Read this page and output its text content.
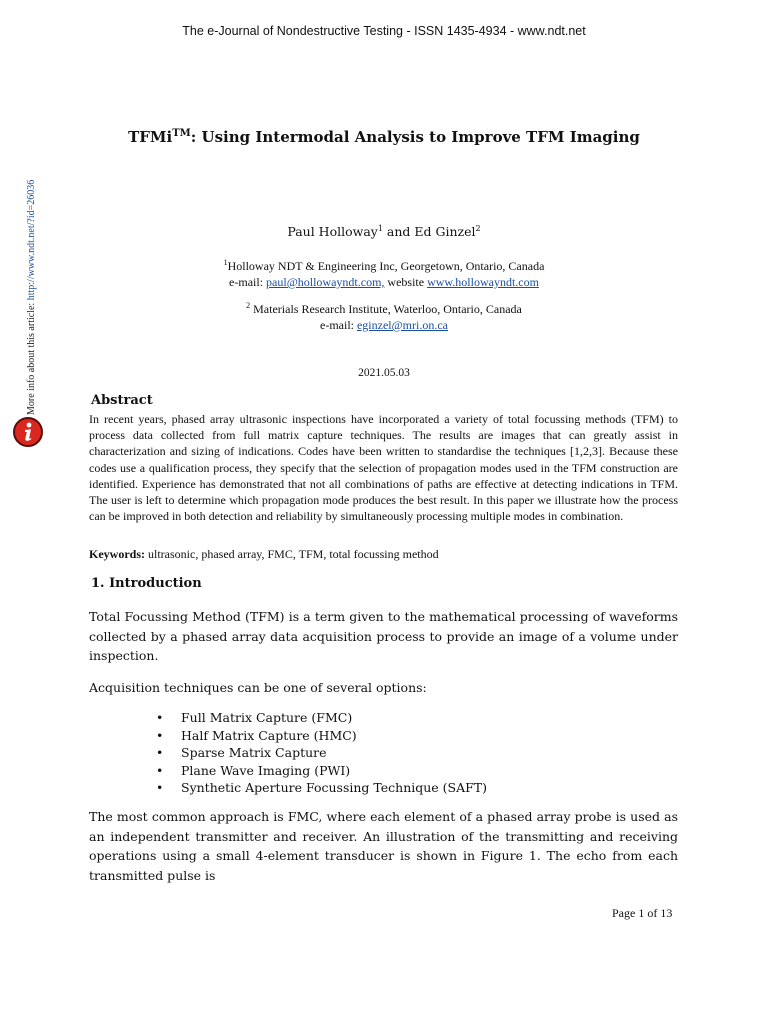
The e-Journal of Nondestructive Testing - ISSN 1435-4934 - www.ndt.net
More info about this article: http://www.ndt.net/?id=26036
TFMi™: Using Intermodal Analysis to Improve TFM Imaging
Paul Holloway$^1$ and Ed Ginzel$^2$
$^1$Holloway NDT & Engineering Inc, Georgetown, Ontario, Canada
e-mail: paul@hollowayndt.com, website www.hollowayndt.com
$^2$ Materials Research Institute, Waterloo, Ontario, Canada
e-mail: eginzel@mri.on.ca
2021.05.03
Abstract
In recent years, phased array ultrasonic inspections have incorporated a variety of total focussing methods (TFM) to process data collected from full matrix capture techniques. The results are images that can greatly assist in characterization and sizing of indications. Codes have been written to standardise the techniques [1,2,3]. Because these codes use a qualification process, they specify that the selection of propagation modes used in the TFM construction are identified. Experience has demonstrated that not all combinations of paths are effective at detecting indications in TFM. The user is left to determine which propagation mode produces the best result. In this paper we illustrate how the process can be improved in both detection and reliability by simultaneously processing multiple modes in combination.
Keywords: ultrasonic, phased array, FMC, TFM, total focussing method
1. Introduction
Total Focussing Method (TFM) is a term given to the mathematical processing of waveforms collected by a phased array data acquisition process to provide an image of a volume under inspection.
Acquisition techniques can be one of several options:
• Full Matrix Capture (FMC)
• Half Matrix Capture (HMC)
• Sparse Matrix Capture
• Plane Wave Imaging (PWI)
• Synthetic Aperture Focussing Technique (SAFT)
The most common approach is FMC, where each element of a phased array probe is used as an independent transmitter and receiver. An illustration of the transmitting and receiving operations using a small 4-element transducer is shown in Figure 1. The echo from each transmitted pulse is
Page 1 of 13
